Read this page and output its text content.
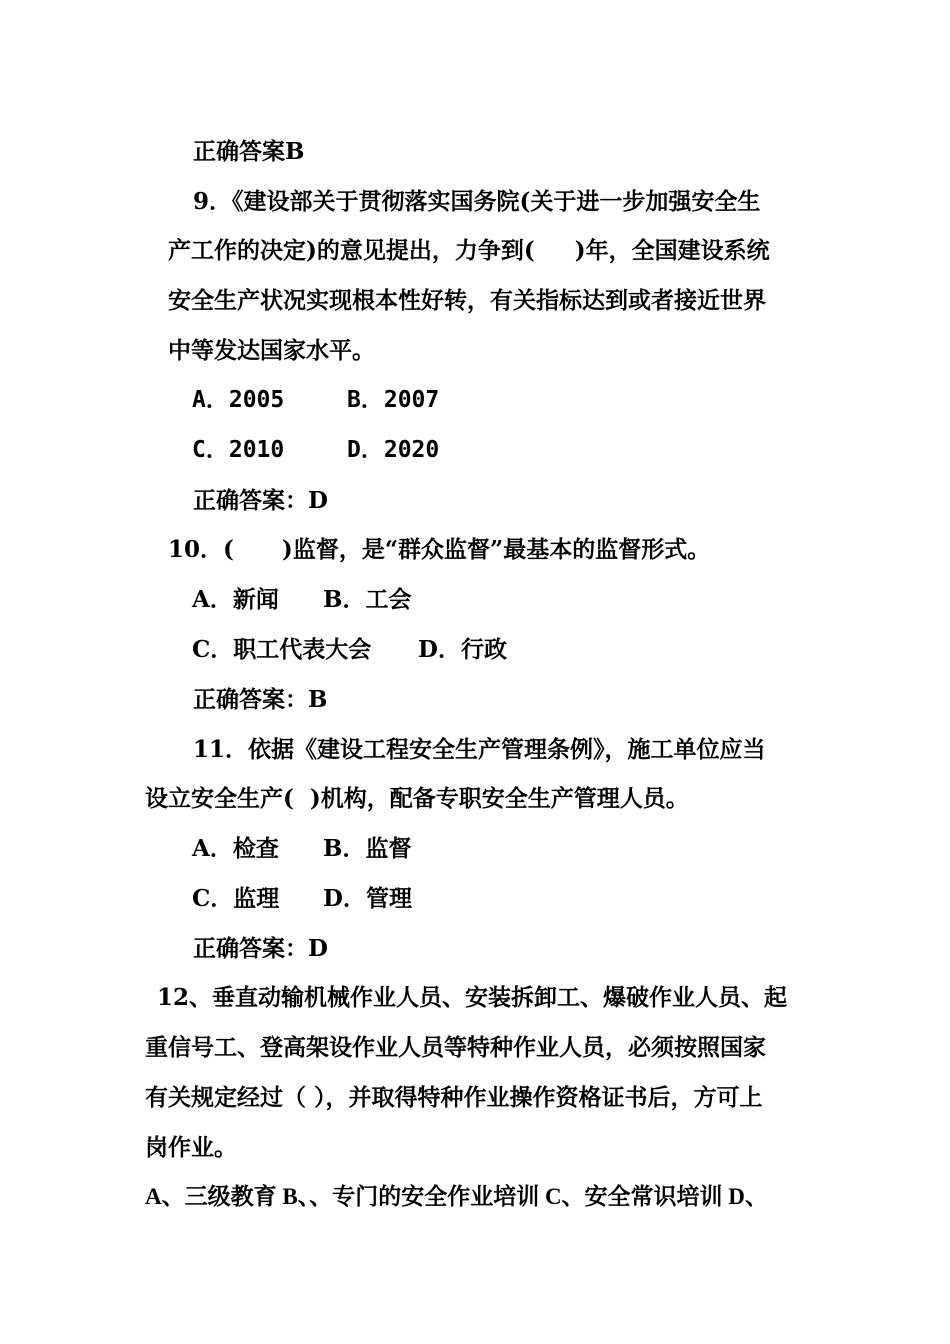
正确答案B
9．《建设部关于贯彻落实国务院(关于进一步加强安全生
产工作的决定)的意见提出，力争到(     )年，全国建设系统
安全生产状况实现根本性好转，有关指标达到或者接近世界
中等发达国家水平。
A．2005	B．2007
C．2010	D．2020
正确答案：D
10．(      )监督，是“群众监督”最基本的监督形式。
A．新闻 B．工会
C．职工代表大会 D．行政
正确答案：B
11．依据《建设工程安全生产管理条例》，施工单位应当
设立安全生产(  )机构，配备专职安全生产管理人员。
A．检查 B．监督
C．监理 D．管理
正确答案：D
12、垂直动输机械作业人员、安装拆卸工、爆破作业人员、起
重信号工、登高架设作业人员等特种作业人员，必须按照国家
有关规定经过（ ），并取得特种作业操作资格证书后，方可上
岗作业。
A、三级教育 B、、专门的安全作业培训 C、安全常识培训 D、
